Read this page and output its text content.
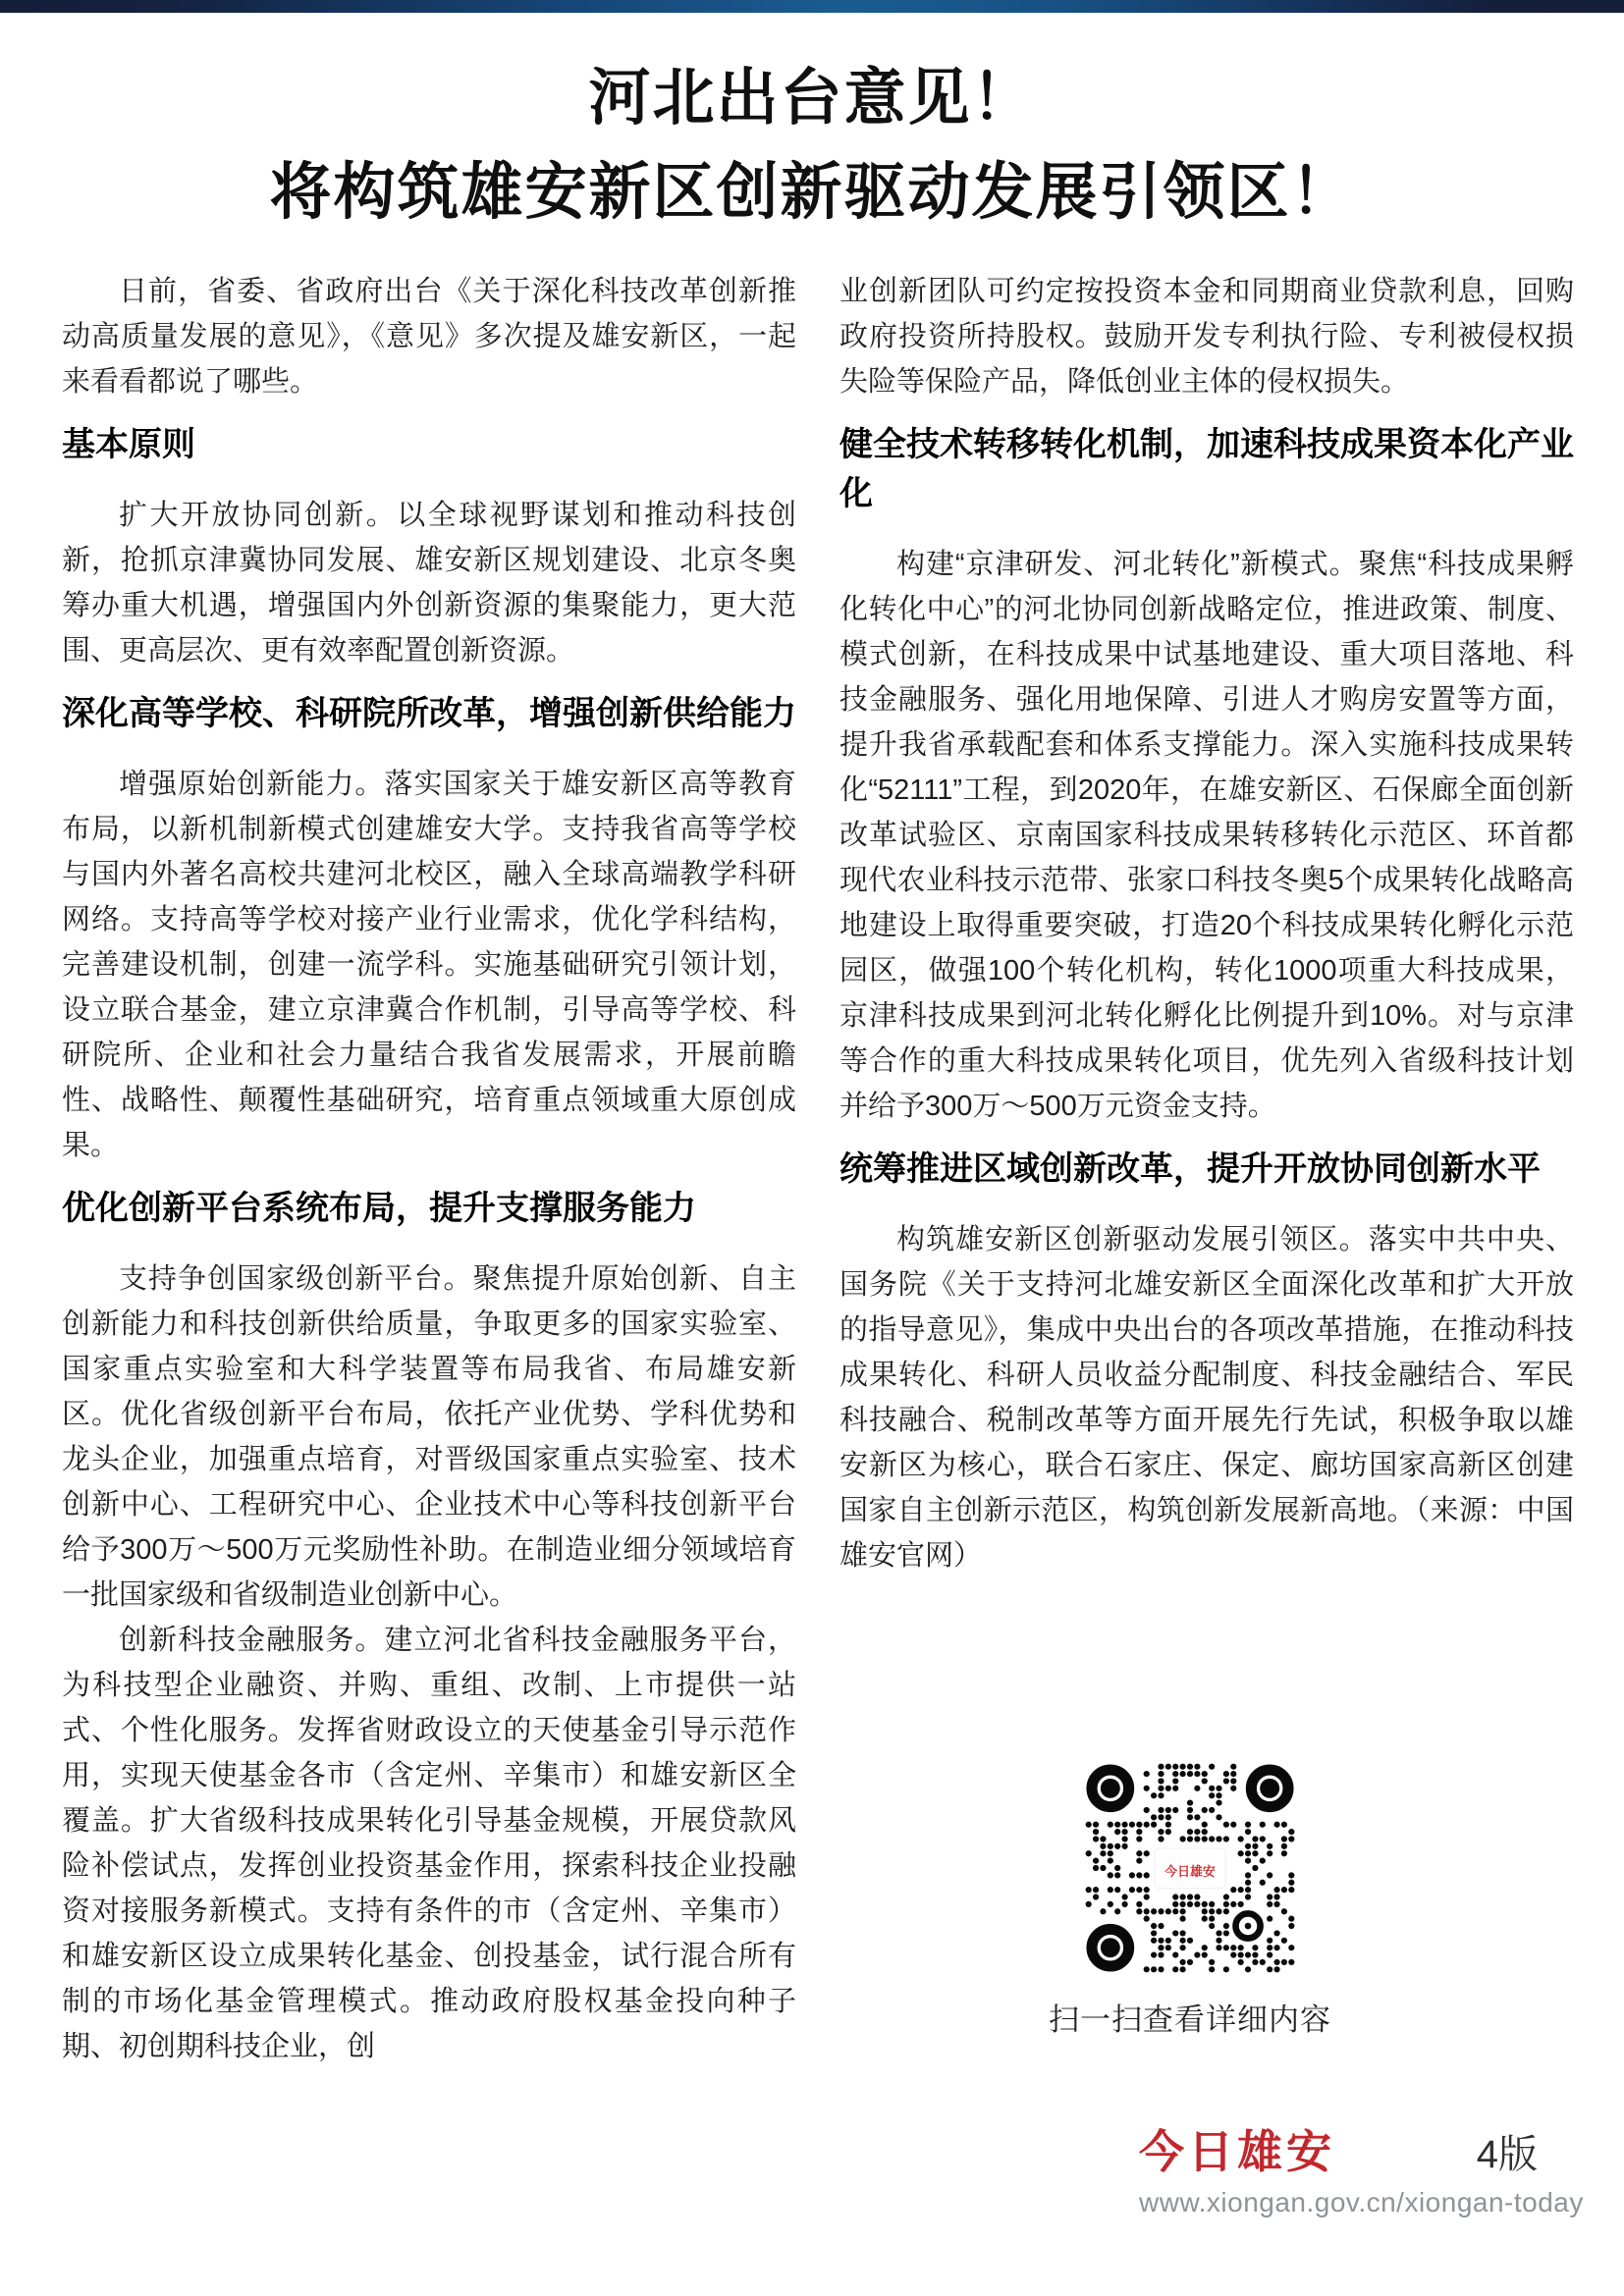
河北出台意见！
将构筑雄安新区创新驱动发展引领区！

日前，省委、省政府出台《关于深化科技改革创新推动高质量发展的意见》，《意见》多次提及雄安新区，一起来看看都说了哪些。

基本原则

扩大开放协同创新。以全球视野谋划和推动科技创新，抢抓京津冀协同发展、雄安新区规划建设、北京冬奥筹办重大机遇，增强国内外创新资源的集聚能力，更大范围、更高层次、更有效率配置创新资源。

深化高等学校、科研院所改革，增强创新供给能力

增强原始创新能力。落实国家关于雄安新区高等教育布局，以新机制新模式创建雄安大学。支持我省高等学校与国内外著名高校共建河北校区，融入全球高端教学科研网络。支持高等学校对接产业行业需求，优化学科结构，完善建设机制，创建一流学科。实施基础研究引领计划，设立联合基金，建立京津冀合作机制，引导高等学校、科研院所、企业和社会力量结合我省发展需求，开展前瞻性、战略性、颠覆性基础研究，培育重点领域重大原创成果。

优化创新平台系统布局，提升支撑服务能力

支持争创国家级创新平台。聚焦提升原始创新、自主创新能力和科技创新供给质量，争取更多的国家实验室、国家重点实验室和大科学装置等布局我省、布局雄安新区。优化省级创新平台布局，依托产业优势、学科优势和龙头企业，加强重点培育，对晋级国家重点实验室、技术创新中心、工程研究中心、企业技术中心等科技创新平台给予300万～500万元奖励性补助。在制造业细分领域培育一批国家级和省级制造业创新中心。

创新科技金融服务。建立河北省科技金融服务平台，为科技型企业融资、并购、重组、改制、上市提供一站式、个性化服务。发挥省财政设立的天使基金引导示范作用，实现天使基金各市（含定州、辛集市）和雄安新区全覆盖。扩大省级科技成果转化引导基金规模，开展贷款风险补偿试点，发挥创业投资基金作用，探索科技企业投融资对接服务新模式。支持有条件的市（含定州、辛集市）和雄安新区设立成果转化基金、创投基金，试行混合所有制的市场化基金管理模式。推动政府股权基金投向种子期、初创期科技企业，创

业创新团队可约定按投资本金和同期商业贷款利息，回购政府投资所持股权。鼓励开发专利执行险、专利被侵权损失险等保险产品，降低创业主体的侵权损失。

健全技术转移转化机制，加速科技成果资本化产业化

构建“京津研发、河北转化”新模式。聚焦“科技成果孵化转化中心”的河北协同创新战略定位，推进政策、制度、模式创新，在科技成果中试基地建设、重大项目落地、科技金融服务、强化用地保障、引进人才购房安置等方面，提升我省承载配套和体系支撑能力。深入实施科技成果转化“52111”工程，到2020年，在雄安新区、石保廊全面创新改革试验区、京南国家科技成果转移转化示范区、环首都现代农业科技示范带、张家口科技冬奥5个成果转化战略高地建设上取得重要突破，打造20个科技成果转化孵化示范园区，做强100个转化机构，转化1000项重大科技成果，京津科技成果到河北转化孵化比例提升到10%。对与京津等合作的重大科技成果转化项目，优先列入省级科技计划并给予300万～500万元资金支持。

统筹推进区域创新改革，提升开放协同创新水平

构筑雄安新区创新驱动发展引领区。落实中共中央、国务院《关于支持河北雄安新区全面深化改革和扩大开放的指导意见》，集成中央出台的各项改革措施，在推动科技成果转化、科研人员收益分配制度、科技金融结合、军民科技融合、税制改革等方面开展先行先试，积极争取以雄安新区为核心，联合石家庄、保定、廊坊国家高新区创建国家自主创新示范区，构筑创新发展新高地。（来源：中国雄安官网）

今日雄安
扫一扫查看详细内容
今日雄安	4版
www.xiongan.gov.cn/xiongan-today
